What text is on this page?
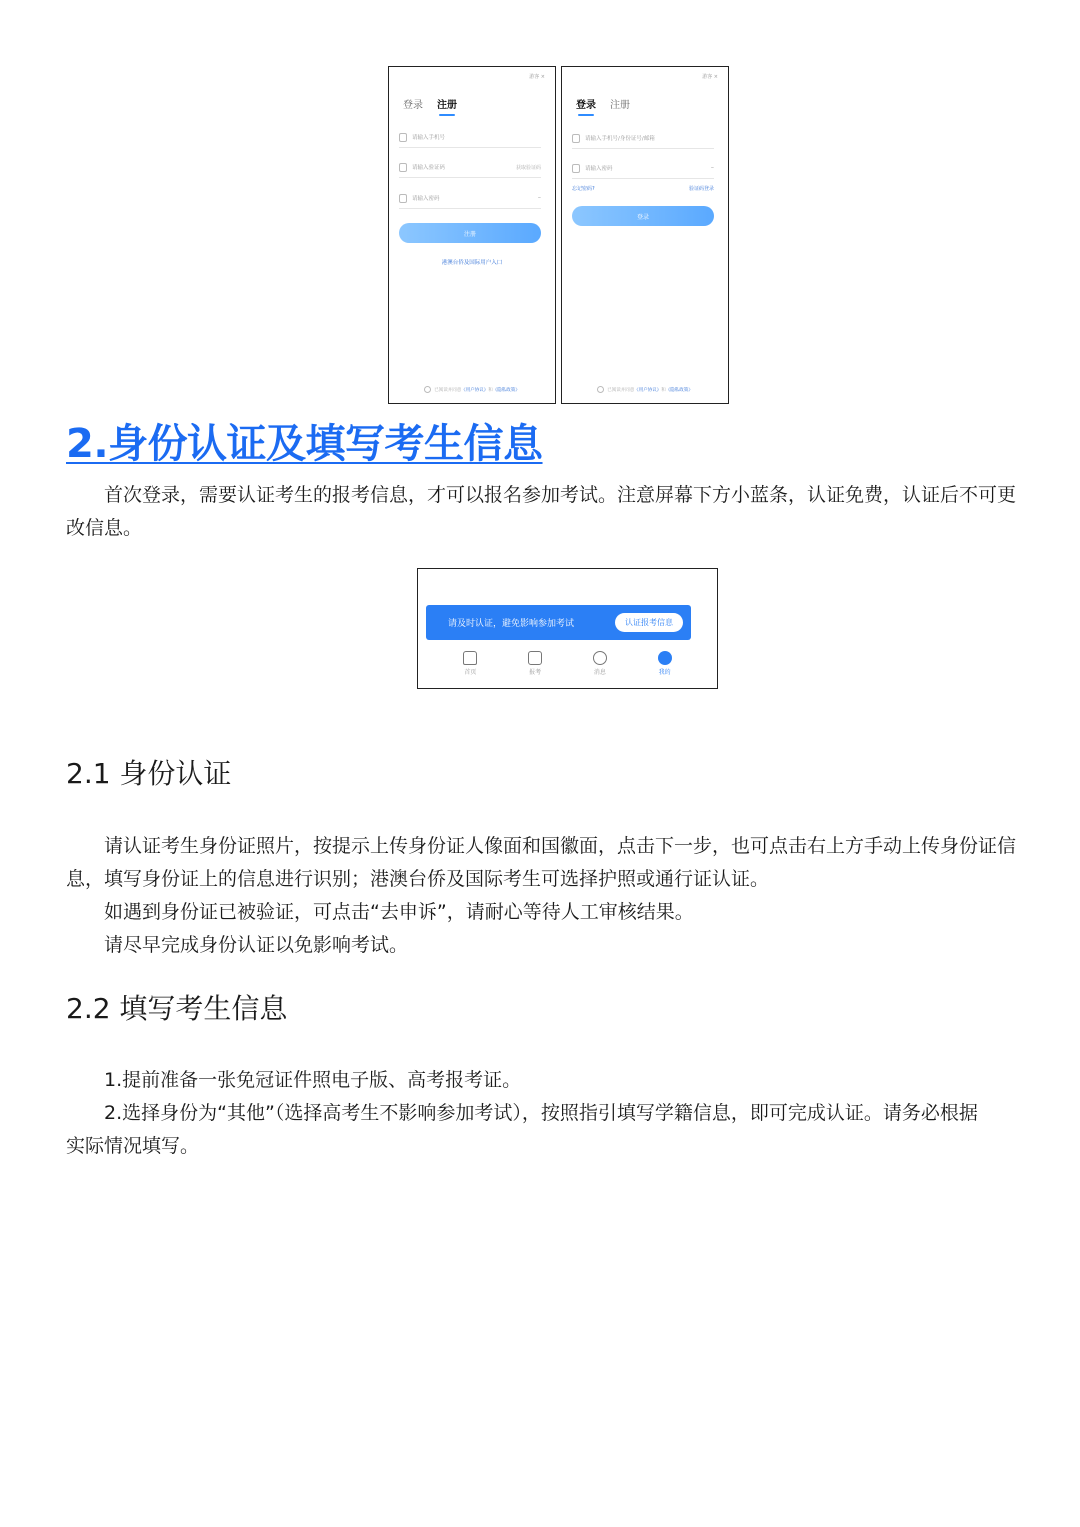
游客 ×
登录 注册
请输入手机号
请输入验证码	获取验证码
请输入密码	⌣
注册
港澳台侨及国际用户入口
已阅读并同意《用户协议》和《隐私政策》
游客 ×
登录 注册
请输入手机号/身份证号/邮箱
请输入密码	⌣
忘记密码?	验证码登录
登录
已阅读并同意《用户协议》和《隐私政策》
2.身份认证及填写考生信息

首次登录，需要认证考生的报考信息，才可以报名参加考试。注意屏幕下方小蓝条，认证免费，认证后不可更
改信息。

请及时认证，避免影响参加考试	认证报考信息
首页	报考	消息	我的
2.1 身份认证

请认证考生身份证照片，按提示上传身份证人像面和国徽面，点击下一步，也可点击右上方手动上传身份证信
息，填写身份证上的信息进行识别；港澳台侨及国际考生可选择护照或通行证认证。
如遇到身份证已被验证，可点击“去申诉”，请耐心等待人工审核结果。
请尽早完成身份认证以免影响考试。

2.2 填写考生信息

1.提前准备一张免冠证件照电子版、高考报考证。
2.选择身份为“其他”（选择高考生不影响参加考试），按照指引填写学籍信息，即可完成认证。请务必根据
实际情况填写。
